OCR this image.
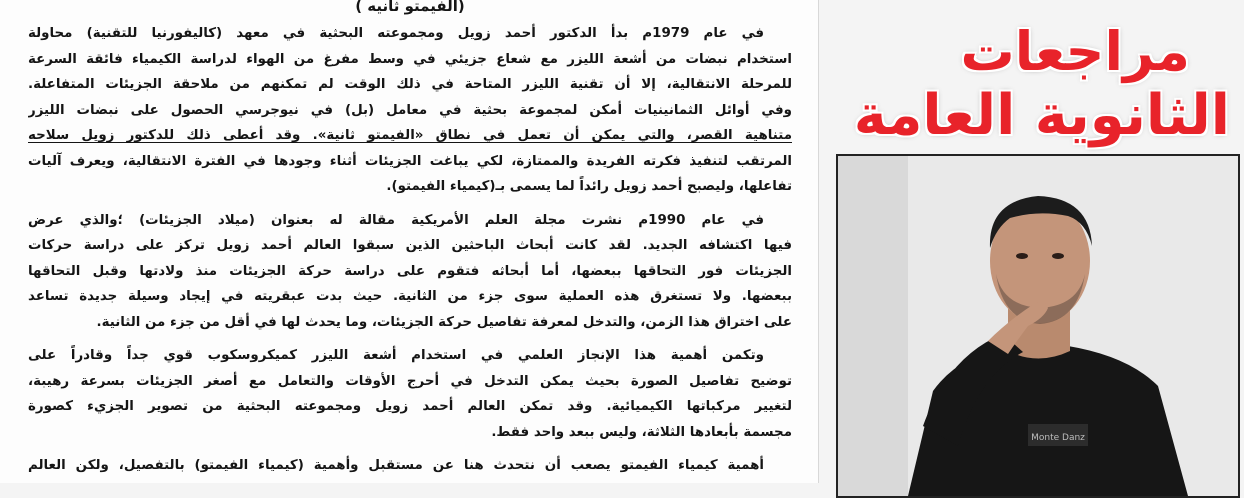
(الفيمتو ثانيه )

في عام 1979م بدأ الدكتور أحمد زويل ومجموعته البحثية في معهد (كاليفورنيا للتقنية) محاولة
استخدام نبضات من أشعة الليزر مع شعاع جزيئي في وسط مفرغ من الهواء لدراسة الكيمياء فائقة السرعة
للمرحلة الانتقالية، إلا أن تقنية الليزر المتاحة في ذلك الوقت لم تمكنهم من ملاحقة الجزيئات المتفاعلة.
وفي أوائل الثمانينيات أمكن لمجموعة بحثية في معامل (بل) في نيوجرسي الحصول على نبضات الليزر
متناهية القصر، والتي يمكن أن تعمل في نطاق «الفيمتو ثانية». وقد أعطى ذلك للدكتور زويل سلاحه
المرتقب لتنفيذ فكرته الفريدة والممتازة، لكي يباغت الجزيئات أثناء وجودها في الفترة الانتقالية، ويعرف آليات
تفاعلها، وليصبح أحمد زويل رائداً لما يسمى بـ(كيمياء الفيمتو).
في عام 1990م نشرت مجلة العلم الأمريكية مقالة له بعنوان (ميلاد الجزيئات) ؛والذي عرض
فيها اكتشافه الجديد. لقد كانت أبحاث الباحثين الذين سبقوا العالم أحمد زويل تركز على دراسة حركات
الجزيئات فور التحاقها ببعضها، أما أبحاثه فتقوم على دراسة حركة الجزيئات منذ ولادتها وقبل التحاقها
ببعضها. ولا تستغرق هذه العملية سوى جزء من الثانية. حيث بدت عبقريته في إيجاد وسيلة جديدة تساعد
على اختراق هذا الزمن، والتدخل لمعرفة تفاصيل حركة الجزيئات، وما يحدث لها في أقل من جزء من الثانية.
وتكمن أهمية هذا الإنجاز العلمي في استخدام أشعة الليزر كميكروسكوب قوي جداً وقادراً على
توضيح تفاصيل الصورة بحيث يمكن التدخل في أحرج الأوقات والتعامل مع أصغر الجزيئات بسرعة رهيبة،
لتغيير مركباتها الكيميائية. وقد تمكن العالم أحمد زويل ومجموعته البحثية من تصوير الجزيء كصورة
مجسمة بأبعادها الثلاثة، وليس ببعد واحد فقط.
أهمية كيمياء الفيمتو يصعب أن نتحدث هنا عن مستقبل وأهمية (كيمياء الفيمتو) بالتفصيل، ولكن العالم

مراجعات

الثانوية العامة

Monte Danz
